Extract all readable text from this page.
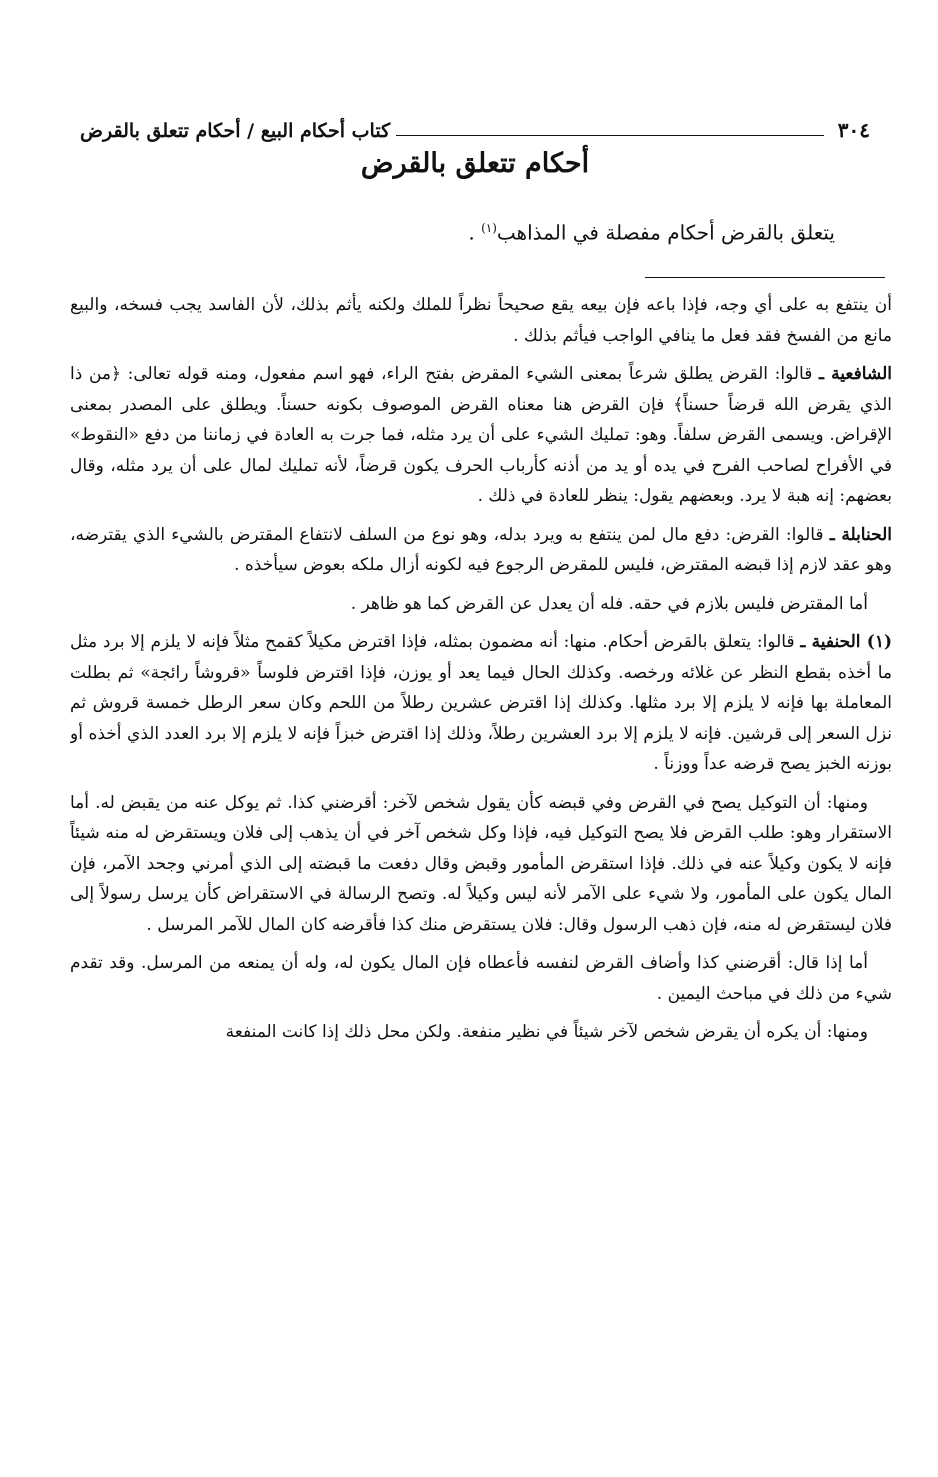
٣٠٤
كتاب أحكام البيع / أحكام تتعلق بالقرض
أحكام تتعلق بالقرض
يتعلق بالقرض أحكام مفصلة في المذاهب$^{(١)}$ .

أن ينتفع به على أي وجه، فإذا باعه فإن بيعه يقع صحيحاً نظراً للملك ولكنه يأثم بذلك، لأن الفاسد يجب فسخه، والبيع مانع من الفسخ فقد فعل ما ينافي الواجب فيأثم بذلك .

الشافعية ـ قالوا: القرض يطلق شرعاً بمعنى الشيء المقرض بفتح الراء، فهو اسم مفعول، ومنه قوله تعالى: ﴿من ذا الذي يقرض الله قرضاً حسناً﴾ فإن القرض هنا معناه القرض الموصوف بكونه حسناً. ويطلق على المصدر بمعنى الإقراض. ويسمى القرض سلفاً. وهو: تمليك الشيء على أن يرد مثله، فما جرت به العادة في زماننا من دفع «النقوط» في الأفراح لصاحب الفرح في يده أو يد من أذنه كأرباب الحرف يكون قرضاً، لأنه تمليك لمال على أن يرد مثله، وقال بعضهم: إنه هبة لا يرد. وبعضهم يقول: ينظر للعادة في ذلك .

الحنابلة ـ قالوا: القرض: دفع مال لمن ينتفع به ويرد بدله، وهو نوع من السلف لانتفاع المقترض بالشيء الذي يقترضه، وهو عقد لازم إذا قبضه المقترض، فليس للمقرض الرجوع فيه لكونه أزال ملكه بعوض سيأخذه .

أما المقترض فليس بلازم في حقه. فله أن يعدل عن القرض كما هو ظاهر .

(١) الحنفية ـ قالوا: يتعلق بالقرض أحكام. منها: أنه مضمون بمثله، فإذا اقترض مكيلاً كقمح مثلاً فإنه لا يلزم إلا برد مثل ما أخذه بقطع النظر عن غلائه ورخصه. وكذلك الحال فيما يعد أو يوزن، فإذا اقترض فلوساً «قروشاً رائجة» ثم بطلت المعاملة بها فإنه لا يلزم إلا برد مثلها. وكذلك إذا اقترض عشرين رطلاً من اللحم وكان سعر الرطل خمسة قروش ثم نزل السعر إلى قرشين. فإنه لا يلزم إلا برد العشرين رطلاً، وذلك إذا اقترض خبزاً فإنه لا يلزم إلا برد العدد الذي أخذه أو بوزنه الخبز يصح قرضه عداً ووزناً .

ومنها: أن التوكيل يصح في القرض وفي قبضه كأن يقول شخص لآخر: أقرضني كذا. ثم يوكل عنه من يقبض له. أما الاستقرار وهو: طلب القرض فلا يصح التوكيل فيه، فإذا وكل شخص آخر في أن يذهب إلى فلان ويستقرض له منه شيئاً فإنه لا يكون وكيلاً عنه في ذلك. فإذا استقرض المأمور وقبض وقال دفعت ما قبضته إلى الذي أمرني وجحد الآمر، فإن المال يكون على المأمور، ولا شيء على الآمر لأنه ليس وكيلاً له. وتصح الرسالة في الاستقراض كأن يرسل رسولاً إلى فلان ليستقرض له منه، فإن ذهب الرسول وقال: فلان يستقرض منك كذا فأقرضه كان المال للآمر المرسل .

أما إذا قال: أقرضني كذا وأضاف القرض لنفسه فأعطاه فإن المال يكون له، وله أن يمنعه من المرسل. وقد تقدم شيء من ذلك في مباحث اليمين .

ومنها: أن يكره أن يقرض شخص لآخر شيئاً في نظير منفعة. ولكن محل ذلك إذا كانت المنفعة
